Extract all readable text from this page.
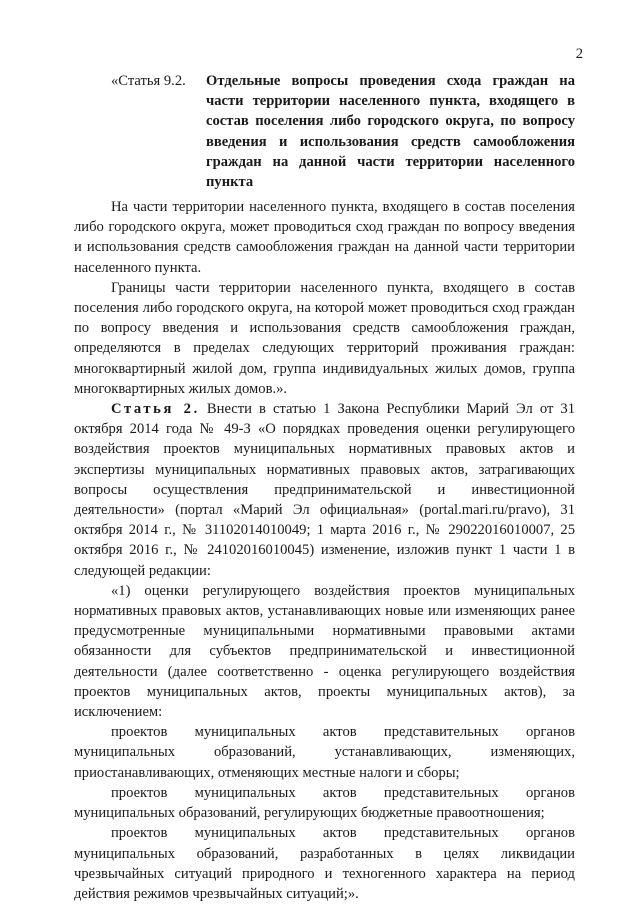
2
«Статья 9.2. Отдельные вопросы проведения схода граждан на части территории населенного пункта, входящего в состав поселения либо городского округа, по вопросу введения и использования средств самообложения граждан на данной части территории населенного пункта

На части территории населенного пункта, входящего в состав поселения либо городского округа, может проводиться сход граждан по вопросу введения и использования средств самообложения граждан на данной части территории населенного пункта.

Границы части территории населенного пункта, входящего в состав поселения либо городского округа, на которой может проводиться сход граждан по вопросу введения и использования средств самообложения граждан, определяются в пределах следующих территорий проживания граждан: многоквартирный жилой дом, группа индивидуальных жилых домов, группа многоквартирных жилых домов.».

Статья 2. Внести в статью 1 Закона Республики Марий Эл от 31 октября 2014 года № 49-З «О порядках проведения оценки регулирующего воздействия проектов муниципальных нормативных правовых актов и экспертизы муниципальных нормативных правовых актов, затрагивающих вопросы осуществления предпринимательской и инвестиционной деятельности» (портал «Марий Эл официальная» (portal.mari.ru/pravo), 31 октября 2014 г., № 31102014010049; 1 марта 2016 г., № 29022016010007, 25 октября 2016 г., № 24102016010045) изменение, изложив пункт 1 части 1 в следующей редакции:

«1) оценки регулирующего воздействия проектов муниципальных нормативных правовых актов, устанавливающих новые или изменяющих ранее предусмотренные муниципальными нормативными правовыми актами обязанности для субъектов предпринимательской и инвестиционной деятельности (далее соответственно - оценка регулирующего воздействия проектов муниципальных актов, проекты муниципальных актов), за исключением:

проектов муниципальных актов представительных органов муниципальных образований, устанавливающих, изменяющих, приостанавливающих, отменяющих местные налоги и сборы;

проектов муниципальных актов представительных органов муниципальных образований, регулирующих бюджетные правоотношения;

проектов муниципальных актов представительных органов муниципальных образований, разработанных в целях ликвидации чрезвычайных ситуаций природного и техногенного характера на период действия режимов чрезвычайных ситуаций;».
